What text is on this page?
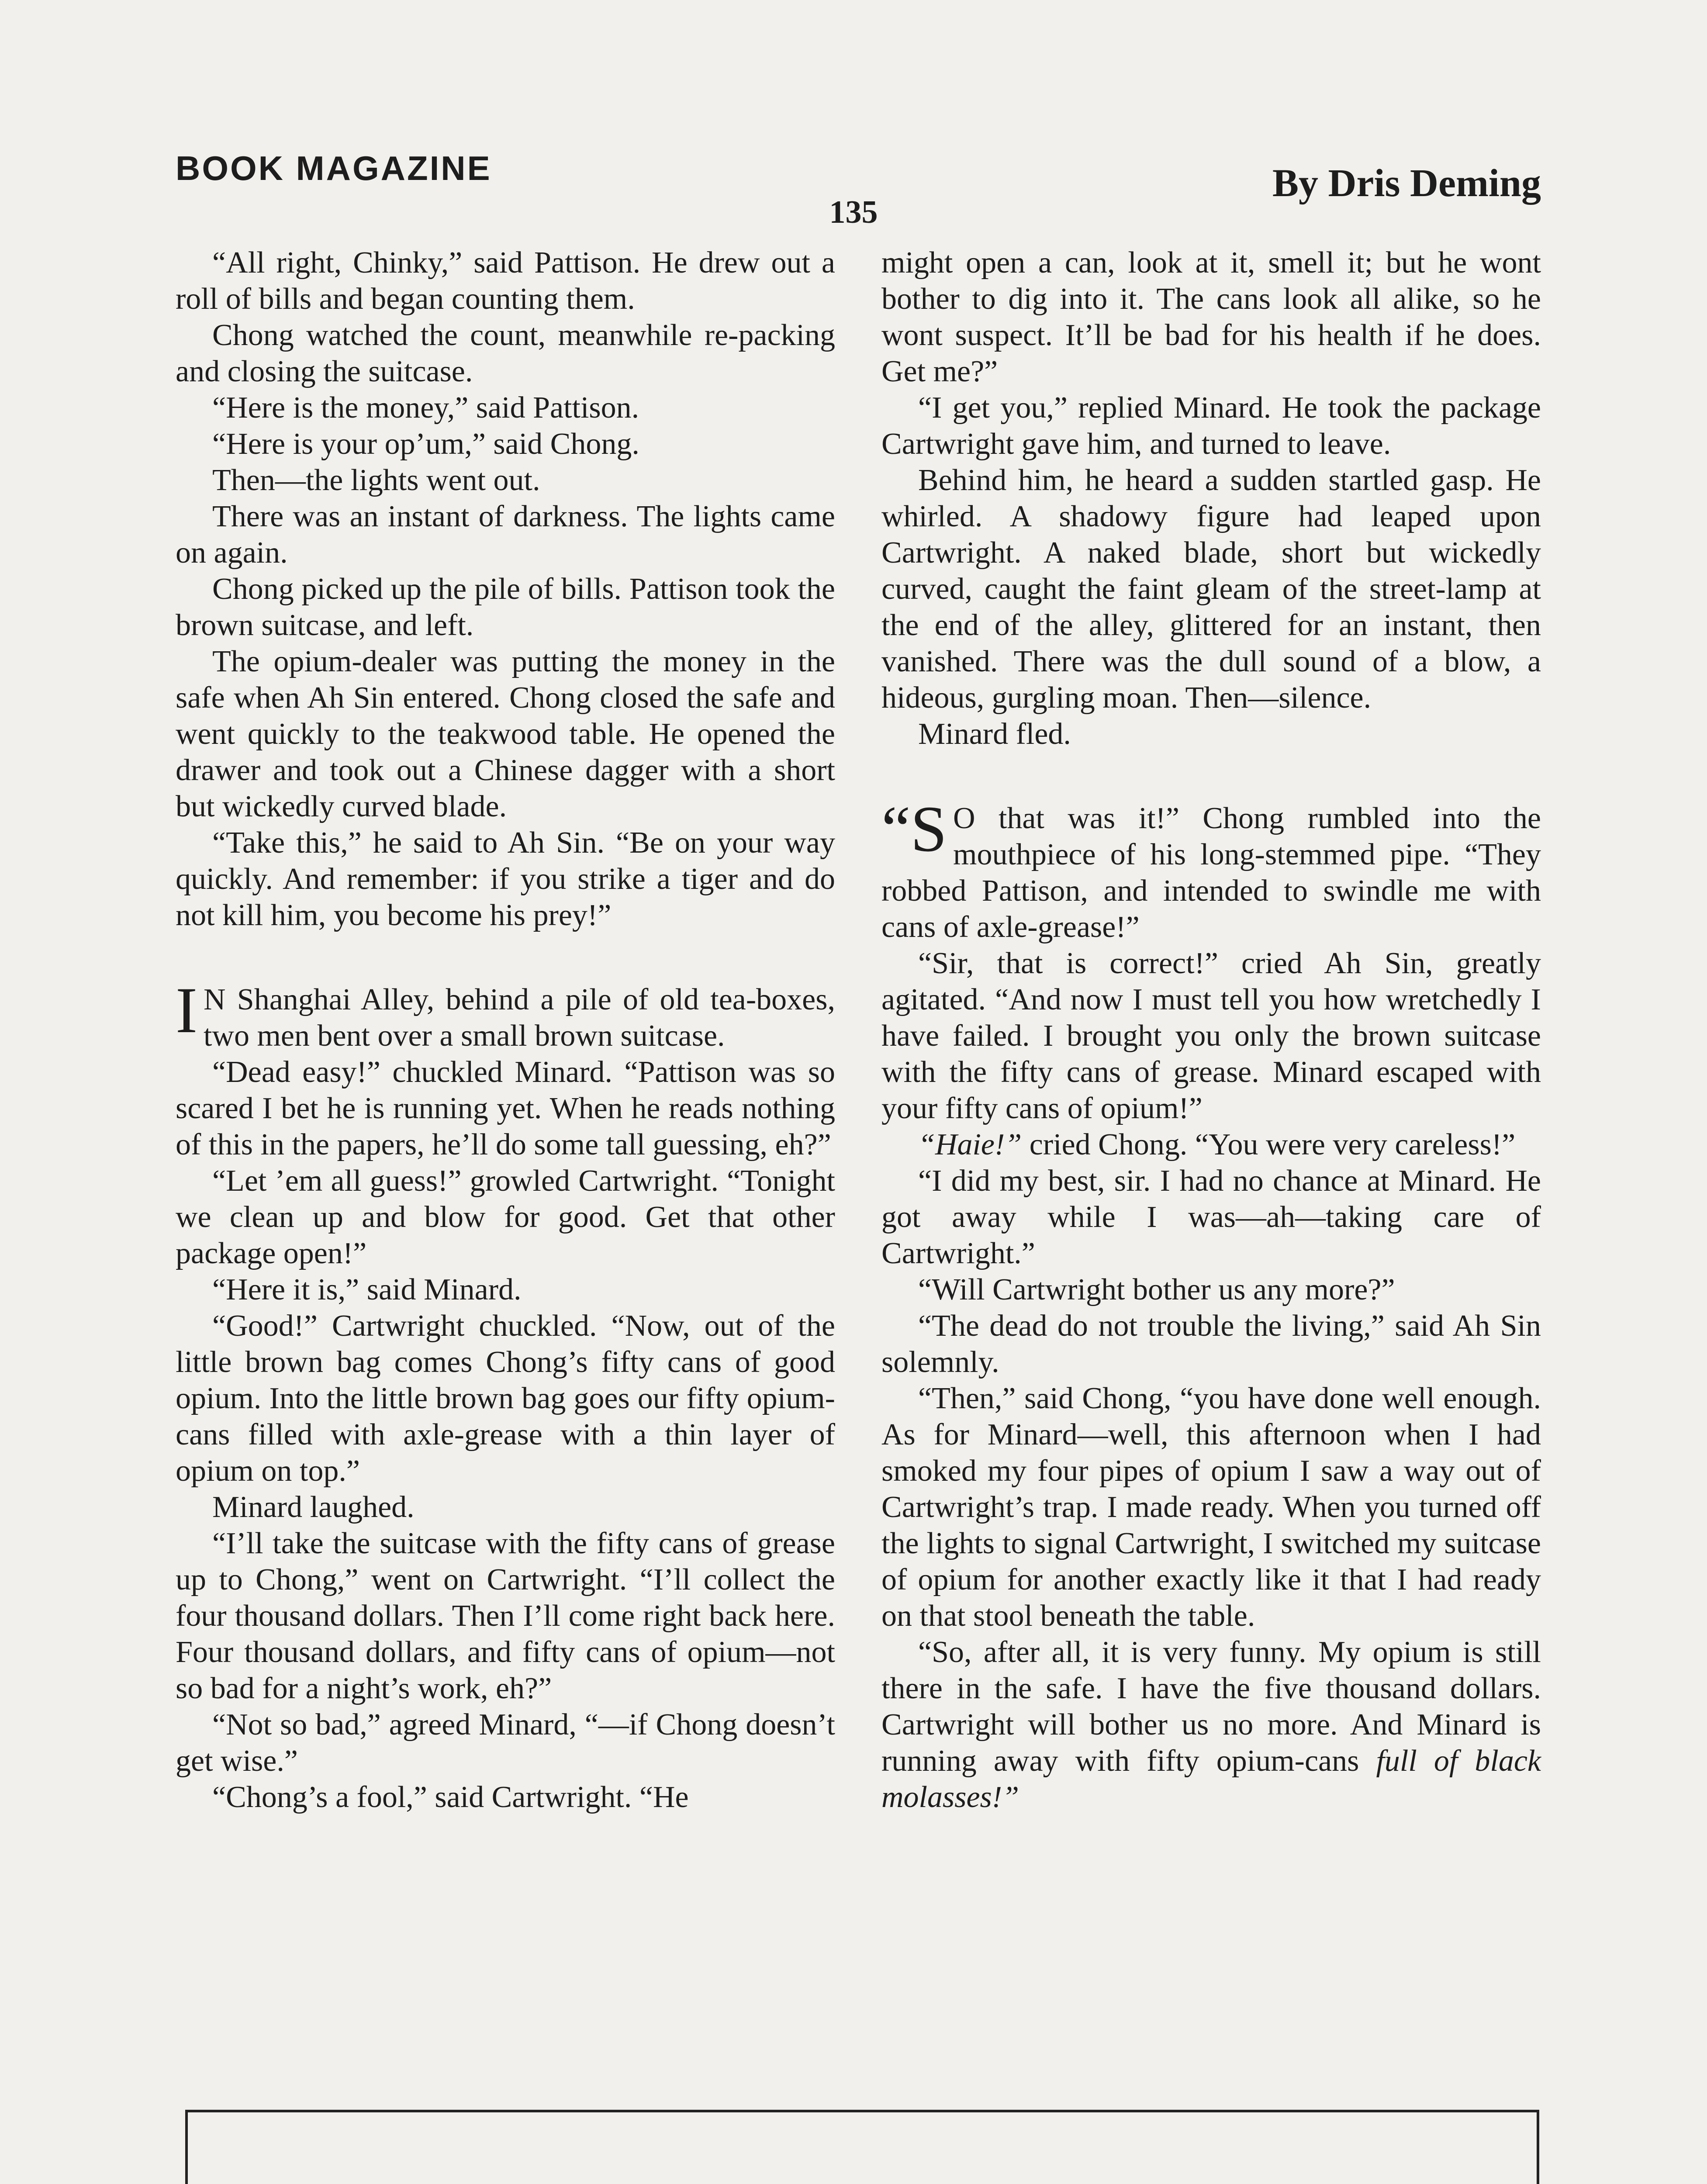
BOOK MAGAZINE	By Dris Deming
135

“All right, Chinky,” said Pattison. He drew out a roll of bills and began counting them.

Chong watched the count, meanwhile re-packing and closing the suitcase.

“Here is the money,” said Pattison.

“Here is your op’um,” said Chong.

Then—the lights went out.

There was an instant of darkness. The lights came on again.

Chong picked up the pile of bills. Pattison took the brown suitcase, and left.

The opium-dealer was putting the money in the safe when Ah Sin entered. Chong closed the safe and went quickly to the teakwood table. He opened the drawer and took out a Chinese dagger with a short but wickedly curved blade.

“Take this,” he said to Ah Sin. “Be on your way quickly. And remember: if you strike a tiger and do not kill him, you become his prey!”

I N Shanghai Alley, behind a pile of old tea-boxes, two men bent over a small brown suitcase.

“Dead easy!” chuckled Minard. “Pattison was so scared I bet he is running yet. When he reads nothing of this in the papers, he’ll do some tall guessing, eh?”

“Let ’em all guess!” growled Cartwright. “Tonight we clean up and blow for good. Get that other package open!”

“Here it is,” said Minard.

“Good!” Cartwright chuckled. “Now, out of the little brown bag comes Chong’s fifty cans of good opium. Into the little brown bag goes our fifty opium-cans filled with axle-grease with a thin layer of opium on top.”

Minard laughed.

“I’ll take the suitcase with the fifty cans of grease up to Chong,” went on Cartwright. “I’ll collect the four thousand dollars. Then I’ll come right back here. Four thousand dollars, and fifty cans of opium—not so bad for a night’s work, eh?”

“Not so bad,” agreed Minard, “—if Chong doesn’t get wise.”

“Chong’s a fool,” said Cartwright. “He

might open a can, look at it, smell it; but he wont bother to dig into it. The cans look all alike, so he wont suspect. It’ll be bad for his health if he does. Get me?”

“I get you,” replied Minard. He took the package Cartwright gave him, and turned to leave.

Behind him, he heard a sudden startled gasp. He whirled. A shadowy figure had leaped upon Cartwright. A naked blade, short but wickedly curved, caught the faint gleam of the street-lamp at the end of the alley, glittered for an instant, then vanished. There was the dull sound of a blow, a hideous, gurgling moan. Then—silence.

Minard fled.

“S O that was it!” Chong rumbled into the mouthpiece of his long-stemmed pipe. “They robbed Pattison, and intended to swindle me with cans of axle-grease!”

“Sir, that is correct!” cried Ah Sin, greatly agitated. “And now I must tell you how wretchedly I have failed. I brought you only the brown suitcase with the fifty cans of grease. Minard escaped with your fifty cans of opium!”

“Haie!” cried Chong. “You were very careless!”

“I did my best, sir. I had no chance at Minard. He got away while I was—ah—taking care of Cartwright.”

“Will Cartwright bother us any more?”

“The dead do not trouble the living,” said Ah Sin solemnly.

“Then,” said Chong, “you have done well enough. As for Minard—well, this afternoon when I had smoked my four pipes of opium I saw a way out of Cartwright’s trap. I made ready. When you turned off the lights to signal Cartwright, I switched my suitcase of opium for another exactly like it that I had ready on that stool beneath the table.

“So, after all, it is very funny. My opium is still there in the safe. I have the five thousand dollars. Cartwright will bother us no more. And Minard is running away with fifty opium-cans full of black molasses!”
